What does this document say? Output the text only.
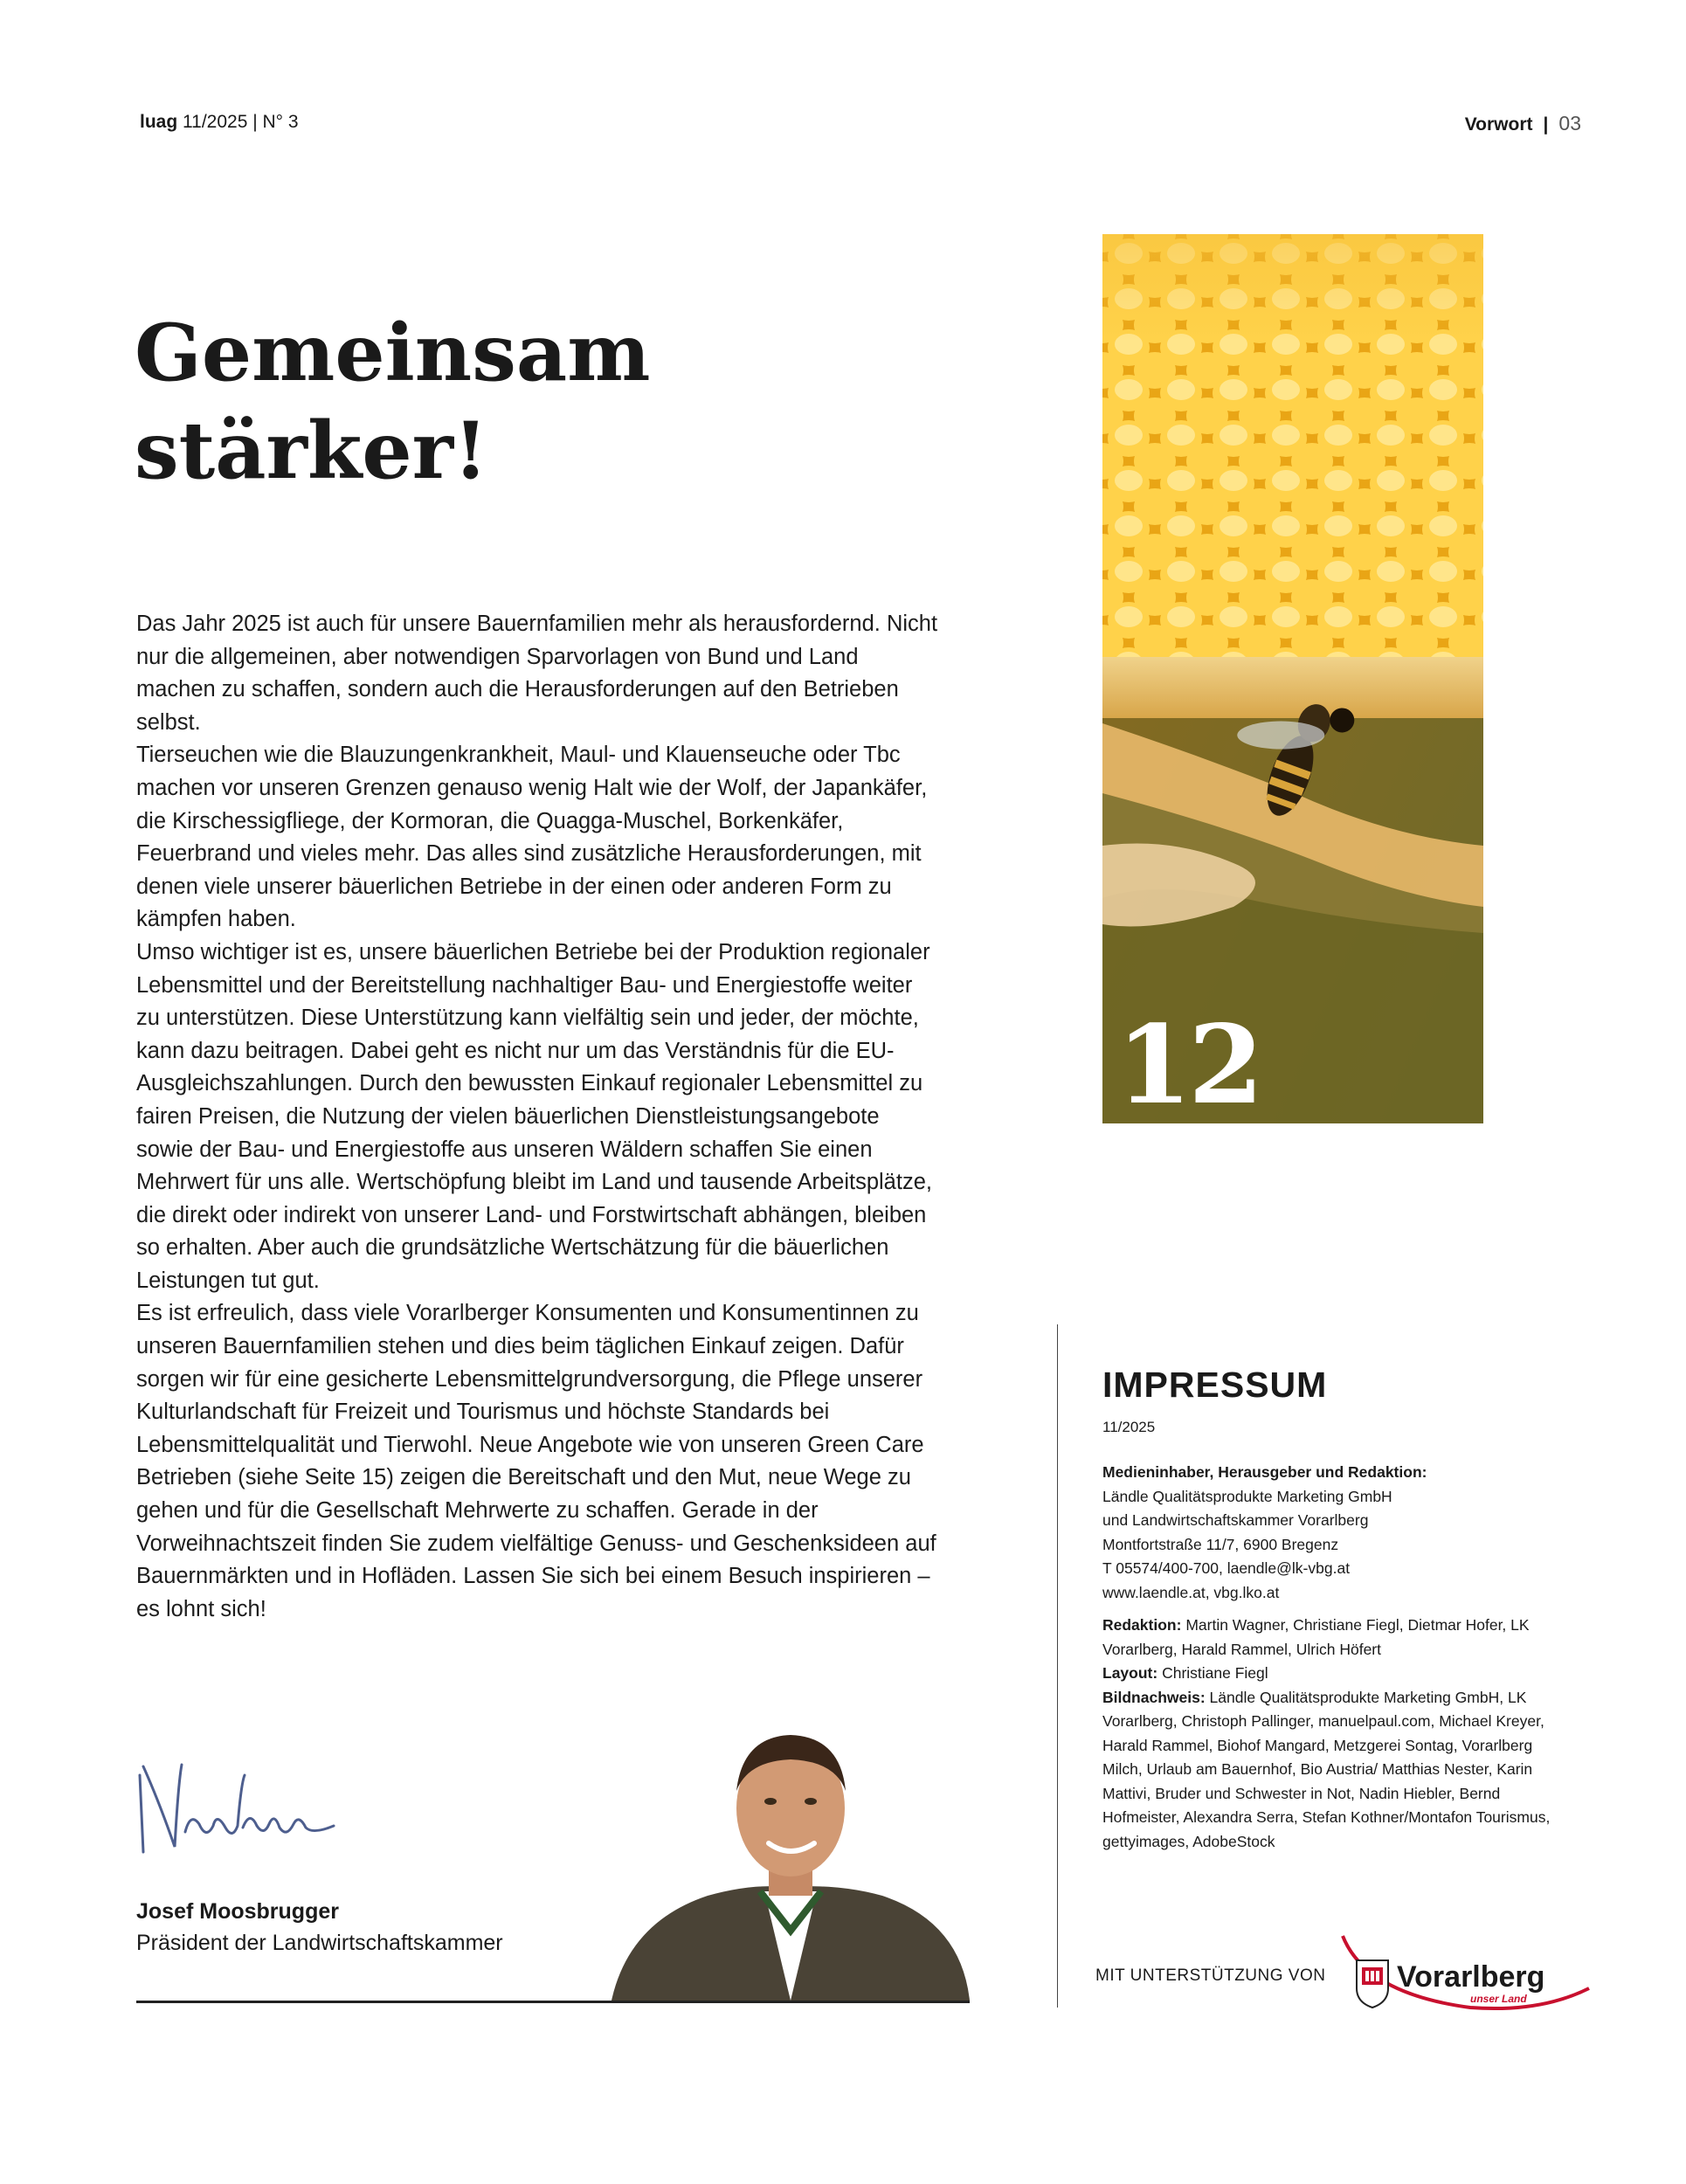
luag 11/2025 | N° 3	Vorwort | 03
Gemeinsam
stärker!

Das Jahr 2025 ist auch für unsere Bauernfamilien mehr als herausfordernd. Nicht nur die allgemeinen, aber notwendigen Sparvorlagen von Bund und Land machen zu schaffen, sondern auch die Herausforderungen auf den Betrieben selbst.

Tierseuchen wie die Blauzungenkrankheit, Maul- und Klauenseuche oder Tbc machen vor unseren Grenzen genauso wenig Halt wie der Wolf, der Japankäfer, die Kirschessigfliege, der Kormoran, die Quagga-Muschel, Borkenkäfer, Feuerbrand und vieles mehr. Das alles sind zusätzliche Herausforderungen, mit denen viele unserer bäuerlichen Betriebe in der einen oder anderen Form zu kämpfen haben.

Umso wichtiger ist es, unsere bäuerlichen Betriebe bei der Produktion regionaler Lebensmittel und der Bereitstellung nachhaltiger Bau- und Energiestoffe weiter zu unterstützen. Diese Unterstützung kann vielfältig sein und jeder, der möchte, kann dazu beitragen. Dabei geht es nicht nur um das Verständnis für die EU-Ausgleichszahlungen. Durch den bewussten Einkauf regionaler Lebensmittel zu fairen Preisen, die Nutzung der vielen bäuerlichen Dienstleistungsangebote sowie der Bau- und Energiestoffe aus unseren Wäldern schaffen Sie einen Mehrwert für uns alle. Wertschöpfung bleibt im Land und tausende Arbeitsplätze, die direkt oder indirekt von unserer Land- und Forstwirtschaft abhängen, bleiben so erhalten. Aber auch die grundsätzliche Wertschätzung für die bäuerlichen Leistungen tut gut.

Es ist erfreulich, dass viele Vorarlberger Konsumenten und Konsumentinnen zu unseren Bauernfamilien stehen und dies beim täglichen Einkauf zeigen. Dafür sorgen wir für eine gesicherte Lebensmittelgrundversorgung, die Pflege unserer Kulturlandschaft für Freizeit und Tourismus und höchste Standards bei Lebensmittelqualität und Tierwohl. Neue Angebote wie von unseren Green Care Betrieben (siehe Seite 15) zeigen die Bereitschaft und den Mut, neue Wege zu gehen und für die Gesellschaft Mehrwerte zu schaffen. Gerade in der Vorweihnachtszeit finden Sie zudem vielfältige Genuss- und Geschenksideen auf Bauernmärkten und in Hofläden. Lassen Sie sich bei einem Besuch inspirieren – es lohnt sich!

12
Josef Moosbrugger
Präsident der Landwirtschaftskammer
IMPRESSUM
11/2025
Medieninhaber, Herausgeber und Redaktion:
Ländle Qualitätsprodukte Marketing GmbH
und Landwirtschaftskammer Vorarlberg
Montfortstraße 11/7, 6900 Bregenz
T 05574/400-700, laendle@lk-vbg.at
www.laendle.at, vbg.lko.at
Redaktion: Martin Wagner, Christiane Fiegl, Dietmar Hofer, LK Vorarlberg, Harald Rammel, Ulrich Höfert
Layout: Christiane Fiegl
Bildnachweis: Ländle Qualitätsprodukte Marketing GmbH, LK Vorarlberg, Christoph Pallinger, manuelpaul.com, Michael Kreyer, Harald Rammel, Biohof Mangard, Metzgerei Sontag, Vorarlberg Milch, Urlaub am Bauernhof, Bio Austria/ Matthias Nester, Karin Mattivi, Bruder und Schwester in Not, Nadin Hiebler, Bernd Hofmeister, Alexandra Serra, Stefan Kothner/Montafon Tourismus, gettyimages, AdobeStock
MIT UNTERSTÜTZUNG VON Vorarlberg
unser Land
